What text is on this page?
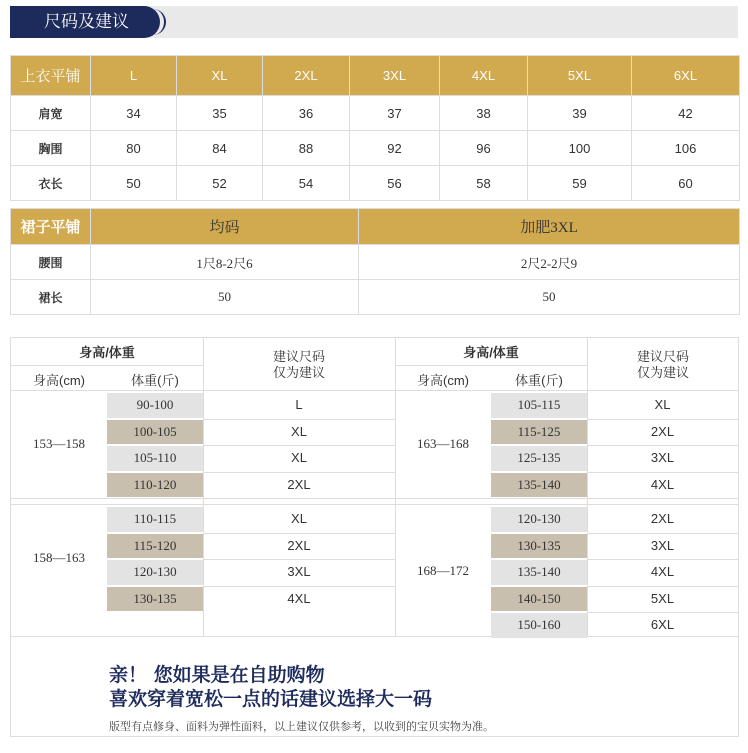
尺码及建议
上衣平铺	L	XL	2XL	3XL	4XL	5XL	6XL
肩宽	34	35	36	37	38	39	42
胸围	80	84	88	92	96	100	106
衣长	50	52	54	56	58	59	60
裙子平铺	均码	加肥3XL
腰围	1尺8-2尺6	2尺2-2尺9
裙长	50	50
身高/体重
身高(cm)	体重(斤)
建议尺码
仅为建议
身高/体重
身高(cm)	体重(斤)
建议尺码
仅为建议
153—158
90-100	L
100-105	XL
105-110	XL
110-120	2XL
158—163
110-115	XL
115-120	2XL
120-130	3XL
130-135	4XL
163—168
105-115	XL
115-125	2XL
125-135	3XL
135-140	4XL
168—172
120-130	2XL
130-135	3XL
135-140	4XL
140-150	5XL
150-160	6XL
亲！ 您如果是在自助购物
喜欢穿着宽松一点的话建议选择大一码
版型有点修身、面料为弹性面料，以上建议仅供参考，以收到的宝贝实物为准。
